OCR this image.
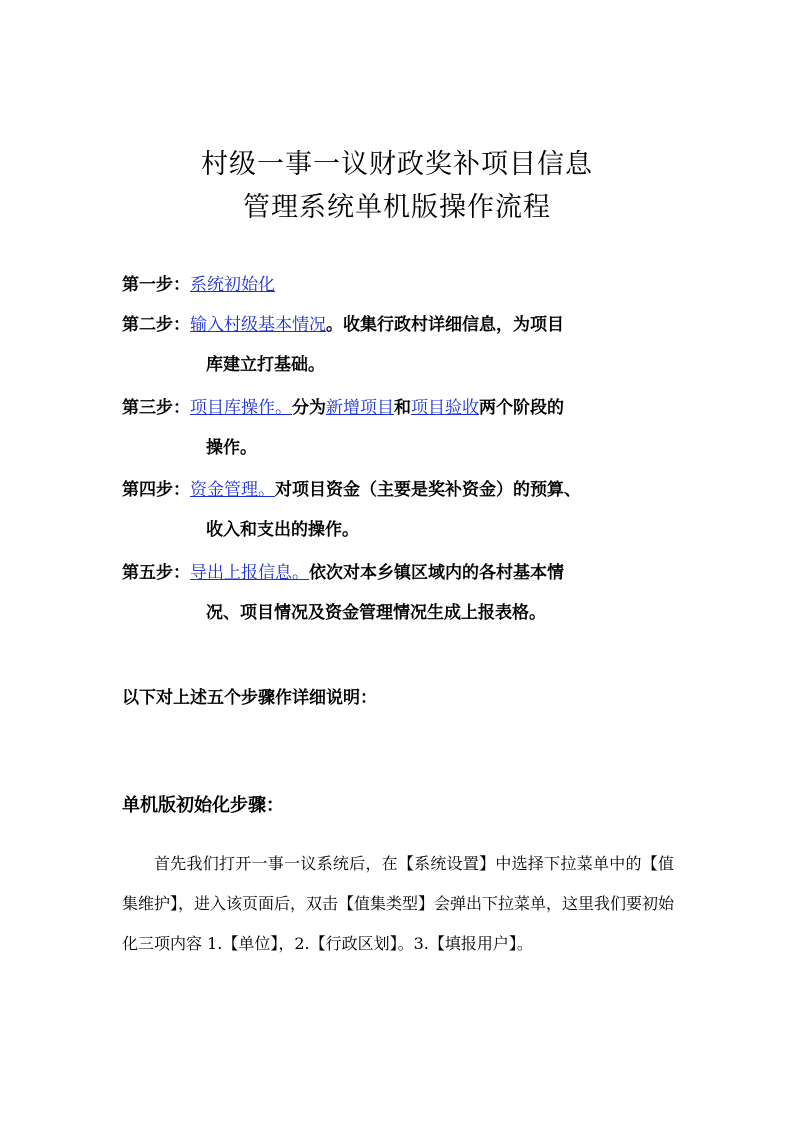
村级一事一议财政奖补项目信息
管理系统单机版操作流程
第一步：系统初始化
第二步：输入村级基本情况。收集行政村详细信息，为项目
库建立打基础。
第三步：项目库操作。分为新增项目和项目验收两个阶段的
操作。
第四步：资金管理。对项目资金（主要是奖补资金）的预算、
收入和支出的操作。
第五步：导出上报信息。依次对本乡镇区域内的各村基本情
况、项目情况及资金管理情况生成上报表格。
以下对上述五个步骤作详细说明：
单机版初始化步骤：
首先我们打开一事一议系统后，在【系统设置】中选择下拉菜单中的【值集维护】，进入该页面后，双击【值集类型】会弹出下拉菜单，这里我们要初始化三项内容 1.【单位】，2.【行政区划】。3.【填报用户】。
